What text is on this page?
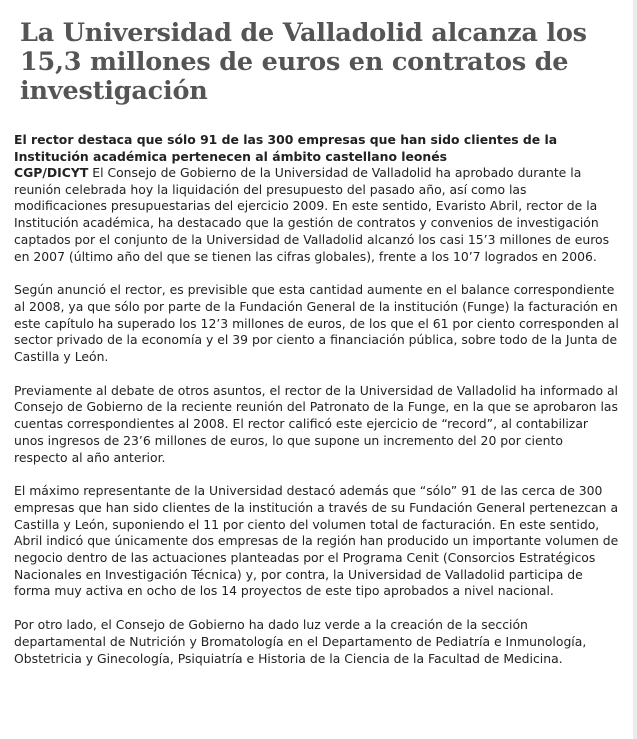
La Universidad de Valladolid alcanza los 15,3 millones de euros en contratos de investigación

El rector destaca que sólo 91 de las 300 empresas que han sido clientes de la Institución académica pertenecen al ámbito castellano leonés

CGP/DICYT El Consejo de Gobierno de la Universidad de Valladolid ha aprobado durante la reunión celebrada hoy la liquidación del presupuesto del pasado año, así como las modificaciones presupuestarias del ejercicio 2009. En este sentido, Evaristo Abril, rector de la Institución académica, ha destacado que la gestión de contratos y convenios de investigación captados por el conjunto de la Universidad de Valladolid alcanzó los casi 15’3 millones de euros en 2007 (último año del que se tienen las cifras globales), frente a los 10’7 logrados en 2006.

Según anunció el rector, es previsible que esta cantidad aumente en el balance correspondiente al 2008, ya que sólo por parte de la Fundación General de la institución (Funge) la facturación en este capítulo ha superado los 12’3 millones de euros, de los que el 61 por ciento corresponden al sector privado de la economía y el 39 por ciento a financiación pública, sobre todo de la Junta de Castilla y León.

Previamente al debate de otros asuntos, el rector de la Universidad de Valladolid ha informado al Consejo de Gobierno de la reciente reunión del Patronato de la Funge, en la que se aprobaron las cuentas correspondientes al 2008. El rector calificó este ejercicio de “record”, al contabilizar unos ingresos de 23’6 millones de euros, lo que supone un incremento del 20 por ciento respecto al año anterior.

El máximo representante de la Universidad destacó además que “sólo” 91 de las cerca de 300 empresas que han sido clientes de la institución a través de su Fundación General pertenezcan a Castilla y León, suponiendo el 11 por ciento del volumen total de facturación. En este sentido, Abril indicó que únicamente dos empresas de la región han producido un importante volumen de negocio dentro de las actuaciones planteadas por el Programa Cenit (Consorcios Estratégicos Nacionales en Investigación Técnica) y, por contra, la Universidad de Valladolid participa de forma muy activa en ocho de los 14 proyectos de este tipo aprobados a nivel nacional.

Por otro lado, el Consejo de Gobierno ha dado luz verde a la creación de la sección departamental de Nutrición y Bromatología en el Departamento de Pediatría e Inmunología, Obstetricia y Ginecología, Psiquiatría e Historia de la Ciencia de la Facultad de Medicina.
